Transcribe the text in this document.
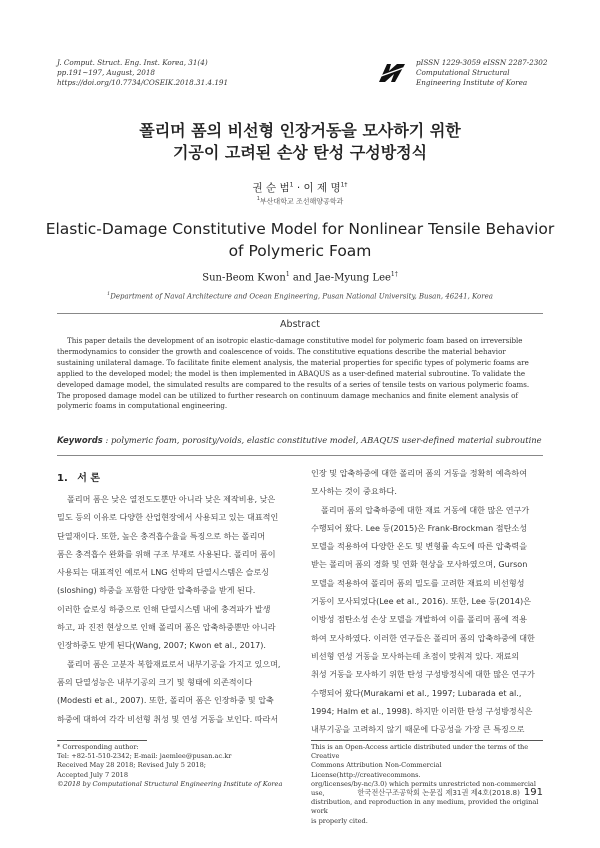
J. Comput. Struct. Eng. Inst. Korea, 31(4)
pp.191~197, August, 2018
https://doi.org/10.7734/COSEIK.2018.31.4.191
pISSN 1229-3059 eISSN 2287-2302
Computational Structural
Engineering Institute of Korea
폴리머 폼의 비선형 인장거동을 모사하기 위한
기공이 고려된 손상 탄성 구성방정식
권 순 범$^1$ · 이 제 명$^{1\dagger}$
$^1$부산대학교 조선해양공학과
Elastic-Damage Constitutive Model for Nonlinear Tensile Behavior
of Polymeric Foam
Sun-Beom Kwon$^1$ and Jae-Myung Lee$^{1\dagger}$
$^1$Department of Naval Architecture and Ocean Engineering, Pusan National University, Busan, 46241, Korea
Abstract
This paper details the development of an isotropic elastic-damage constitutive model for polymeric foam based on irreversible
thermodynamics to consider the growth and coalescence of voids. The constitutive equations describe the material behavior
sustaining unilateral damage. To facilitate finite element analysis, the material properties for specific types of polymeric foams are
applied to the developed model; the model is then implemented in ABAQUS as a user-defined material subroutine. To validate the
developed damage model, the simulated results are compared to the results of a series of tensile tests on various polymeric foams.
The proposed damage model can be utilized to further research on continuum damage mechanics and finite element analysis of
polymeric foams in computational engineering.
Keywords : polymeric foam, porosity/voids, elastic constitutive model, ABAQUS user-defined material subroutine
1. 서 론

폴리머 폼은 낮은 열전도도뿐만 아니라 낮은 제작비용, 낮은

밀도 등의 이유로 다양한 산업현장에서 사용되고 있는 대표적인

단열재이다. 또한, 높은 충격흡수율을 특징으로 하는 폴리머

폼은 충격흡수 완화를 위해 구조 부재로 사용된다. 폴리머 폼이

사용되는 대표적인 예로서 LNG 선박의 단열시스템은 슬로싱

(sloshing) 하중을 포함한 다양한 압축하중을 받게 된다.

이러한 슬로싱 하중으로 인해 단열시스템 내에 충격파가 발생

하고, 파 진전 현상으로 인해 폴리머 폼은 압축하중뿐만 아니라

인장하중도 받게 된다(Wang, 2007; Kwon et al., 2017).

폴리머 폼은 고분자 복합재료로서 내부기공을 가지고 있으며,

폼의 단열성능은 내부기공의 크기 및 형태에 의존적이다

(Modesti et al., 2007). 또한, 폴리머 폼은 인장하중 및 압축

하중에 대하여 각각 비선형 취성 및 연성 거동을 보인다. 따라서

인장 및 압축하중에 대한 폴리머 폼의 거동을 정확히 예측하여

모사하는 것이 중요하다.

폴리머 폼의 압축하중에 대한 재료 거동에 대한 많은 연구가

수행되어 왔다. Lee 등(2015)은 Frank-Brockman 점탄소성

모델을 적용하여 다양한 온도 및 변형률 속도에 따른 압축력을

받는 폴리머 폼의 경화 및 연화 현상을 모사하였으며, Gurson

모델을 적용하여 폴리머 폼의 밀도를 고려한 재료의 비선형성

거동이 모사되었다(Lee et al., 2016). 또한, Lee 등(2014)은

이방성 점탄소성 손상 모델을 개발하여 이를 폴리머 폼에 적용

하여 모사하였다. 이러한 연구들은 폴리머 폼의 압축하중에 대한

비선형 연성 거동을 모사하는데 초점이 맞춰져 있다. 재료의

취성 거동을 모사하기 위한 탄성 구성방정식에 대한 많은 연구가

수행되어 왔다(Murakami et al., 1997; Lubarada et al.,

1994; Halm et al., 1998). 하지만 이러한 탄성 구성방정식은

내부기공을 고려하지 않기 때문에 다공성을 가장 큰 특징으로

* Corresponding author:
Tel: +82-51-510-2342; E-mail: jaemlee@pusan.ac.kr
Received May 28 2018; Revised July 5 2018;
Accepted July 7 2018
©2018 by Computational Structural Engineering Institute of Korea
This is an Open-Access article distributed under the terms of the Creative
Commons Attribution Non-Commercial License(http://creativecommons.
org/licenses/by-nc/3.0) which permits unrestricted non-commercial use,
distribution, and reproduction in any medium, provided the original work
is properly cited.
한국전산구조공학회 논문집 제31권 제4호(2018.8) 191
